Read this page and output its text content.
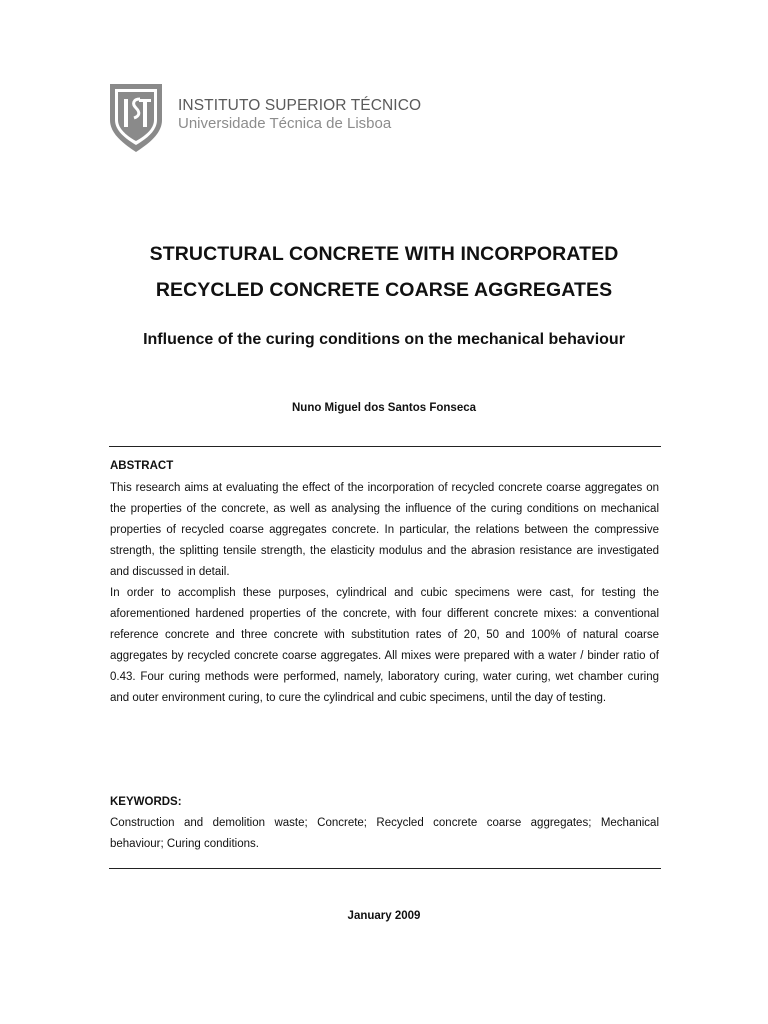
IST
INSTITUTO SUPERIOR TÉCNICO
Universidade Técnica de Lisboa
STRUCTURAL CONCRETE WITH INCORPORATED
RECYCLED CONCRETE COARSE AGGREGATES
Influence of the curing conditions on the mechanical behaviour
Nuno Miguel dos Santos Fonseca
ABSTRACT

This research aims at evaluating the effect of the incorporation of recycled concrete coarse aggregates on the properties of the concrete, as well as analysing the influence of the curing conditions on mechanical properties of recycled coarse aggregates concrete. In particular, the relations between the compressive strength, the splitting tensile strength, the elasticity modulus and the abrasion resistance are investigated and discussed in detail.

In order to accomplish these purposes, cylindrical and cubic specimens were cast, for testing the aforementioned hardened properties of the concrete, with four different concrete mixes: a conventional reference concrete and three concrete with substitution rates of 20, 50 and 100% of natural coarse aggregates by recycled concrete coarse aggregates. All mixes were prepared with a water / binder ratio of 0.43. Four curing methods were performed, namely, laboratory curing, water curing, wet chamber curing and outer environment curing, to cure the cylindrical and cubic specimens, until the day of testing.

KEYWORDS:

Construction and demolition waste; Concrete; Recycled concrete coarse aggregates; Mechanical behaviour; Curing conditions.

January 2009
